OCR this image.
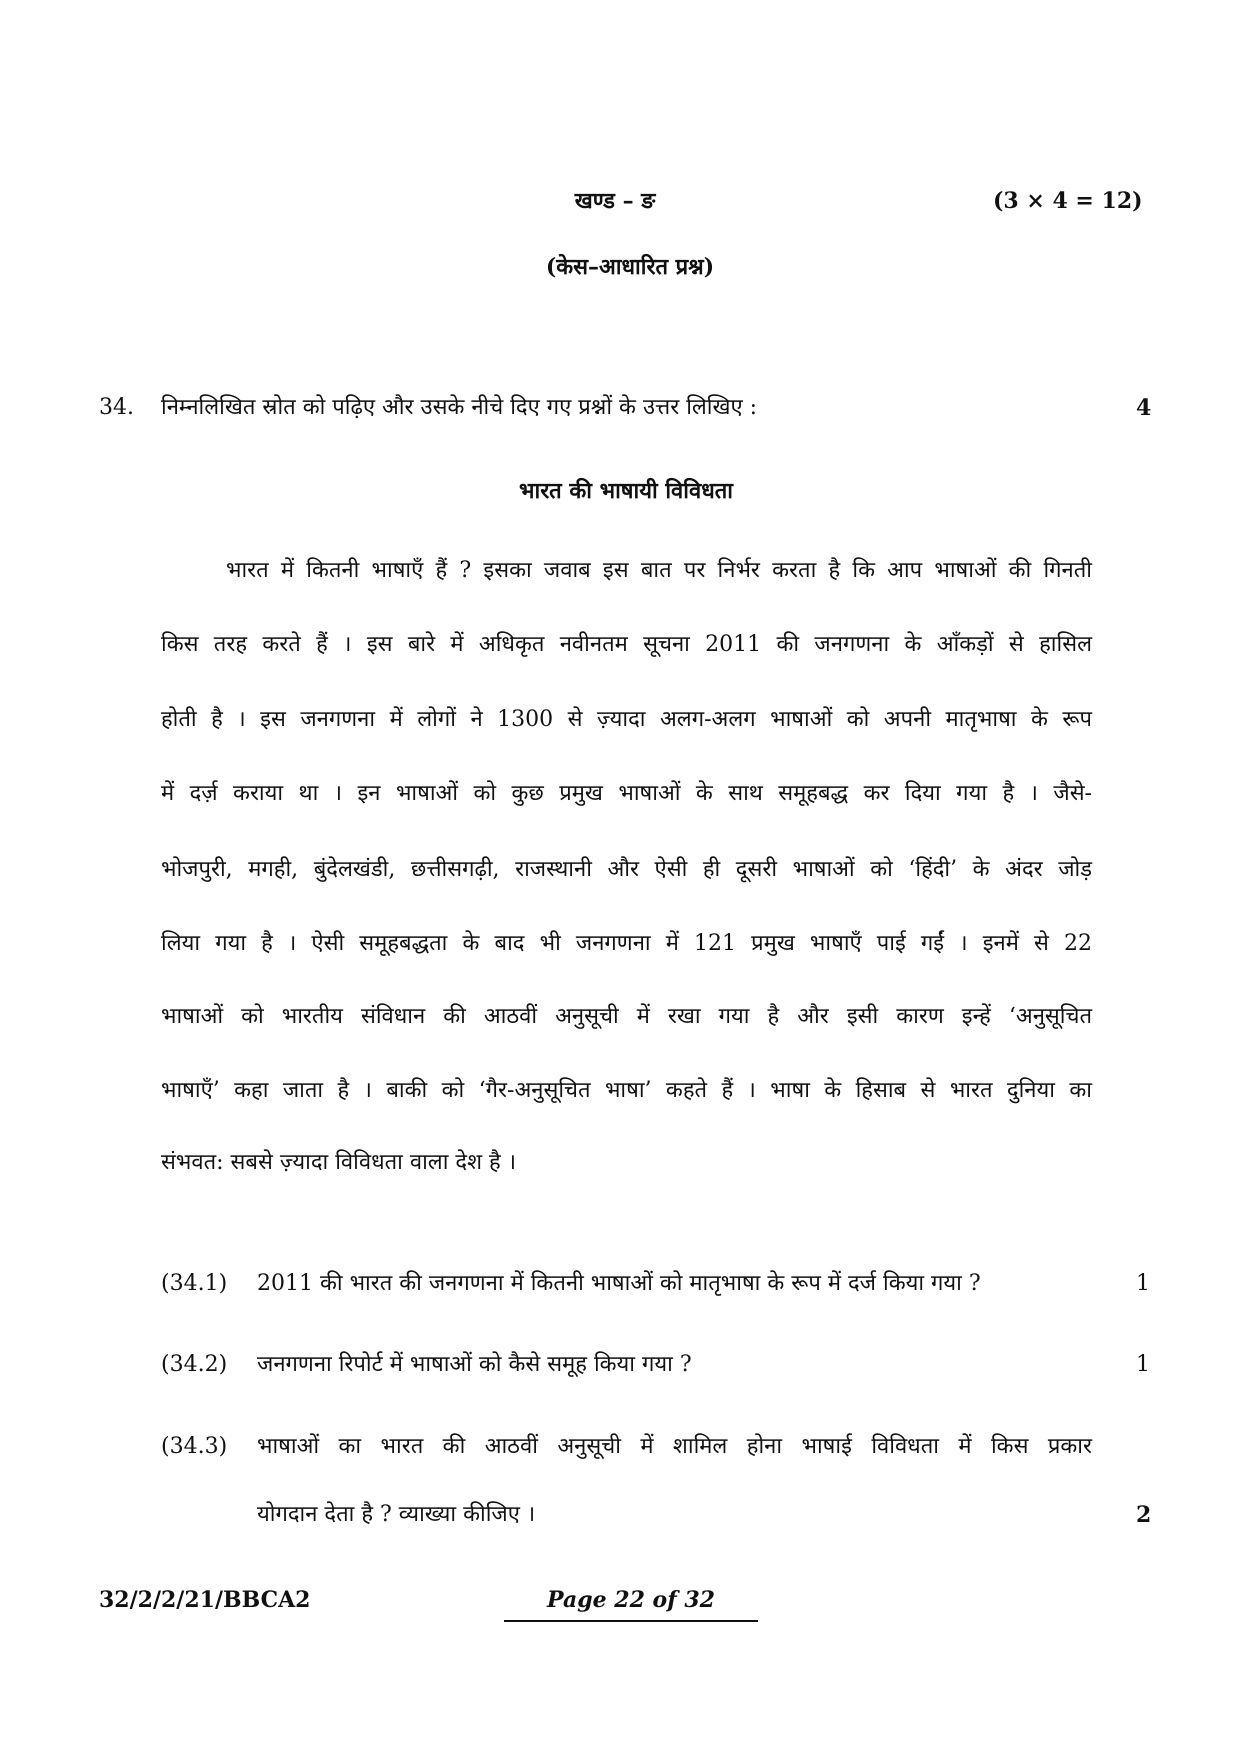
खण्ड – ङ	(3 × 4 = 12)
(केस–आधारित प्रश्न)
34. निम्नलिखित स्रोत को पढ़िए और उसके नीचे दिए गए प्रश्नों के उत्तर लिखिए :	4
भारत की भाषायी विविधता
भारत में कितनी भाषाएँ हैं ? इसका जवाब इस बात पर निर्भर करता है कि आप भाषाओं की गिनती
किस तरह करते हैं । इस बारे में अधिकृत नवीनतम सूचना 2011 की जनगणना के आँकड़ों से हासिल
होती है । इस जनगणना में लोगों ने 1300 से ज़्यादा अलग-अलग भाषाओं को अपनी मातृभाषा के रूप
में दर्ज़ कराया था । इन भाषाओं को कुछ प्रमुख भाषाओं के साथ समूहबद्ध कर दिया गया है । जैसे-
भोजपुरी, मगही, बुंदेलखंडी, छत्तीसगढ़ी, राजस्थानी और ऐसी ही दूसरी भाषाओं को ‘हिंदी’ के अंदर जोड़
लिया गया है । ऐसी समूहबद्धता के बाद भी जनगणना में 121 प्रमुख भाषाएँ पाई गईं । इनमें से 22
भाषाओं को भारतीय संविधान की आठवीं अनुसूची में रखा गया है और इसी कारण इन्हें ‘अनुसूचित
भाषाएँ’ कहा जाता है । बाकी को ‘गैर-अनुसूचित भाषा’ कहते हैं । भाषा के हिसाब से भारत दुनिया का
संभवत: सबसे ज़्यादा विविधता वाला देश है ।
(34.1) 2011 की भारत की जनगणना में कितनी भाषाओं को मातृभाषा के रूप में दर्ज किया गया ?	1
(34.2) जनगणना रिपोर्ट में भाषाओं को कैसे समूह किया गया ?	1
(34.3) भाषाओं का भारत की आठवीं अनुसूची में शामिल होना भाषाई विविधता में किस प्रकार
योगदान देता है ? व्याख्या कीजिए ।	2
32/2/2/21/BBCA2	Page 22 of 32
